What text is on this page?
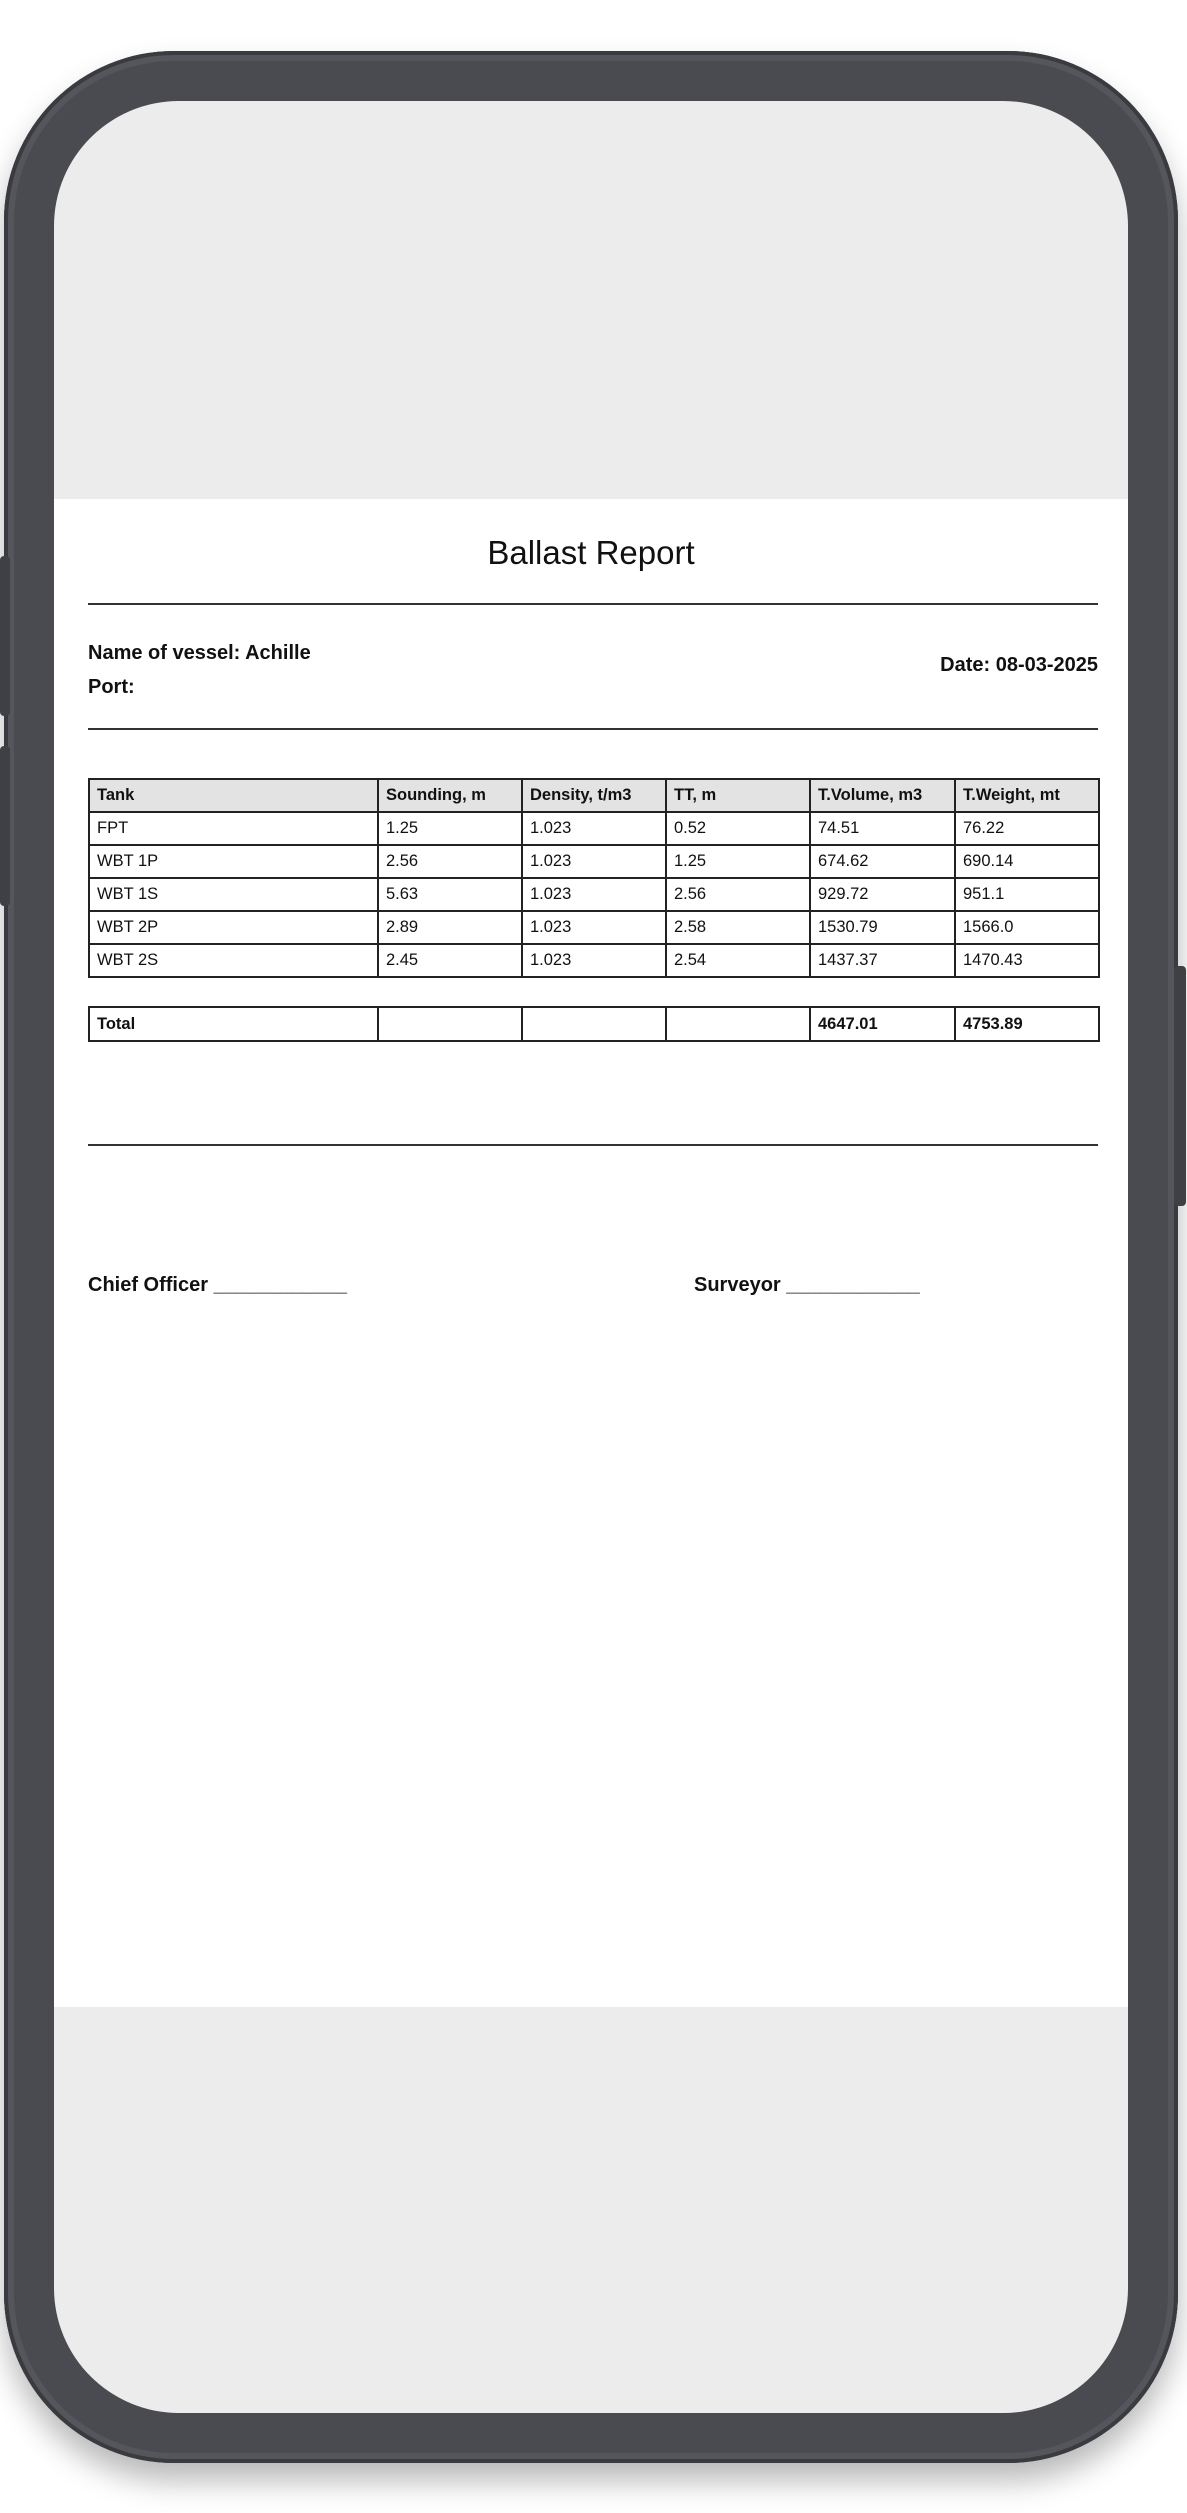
Ballast Report
Name of vessel: Achille
Port:
Date: 08-03-2025
Tank	Sounding, m	Density, t/m3	TT, m	T.Volume, m3	T.Weight, mt
FPT	1.25	1.023	0.52	74.51	76.22
WBT 1P	2.56	1.023	1.25	674.62	690.14
WBT 1S	5.63	1.023	2.56	929.72	951.1
WBT 2P	2.89	1.023	2.58	1530.79	1566.0
WBT 2S	2.45	1.023	2.54	1437.37	1470.43
Total				4647.01	4753.89
Chief Officer ____________	Surveyor ____________
